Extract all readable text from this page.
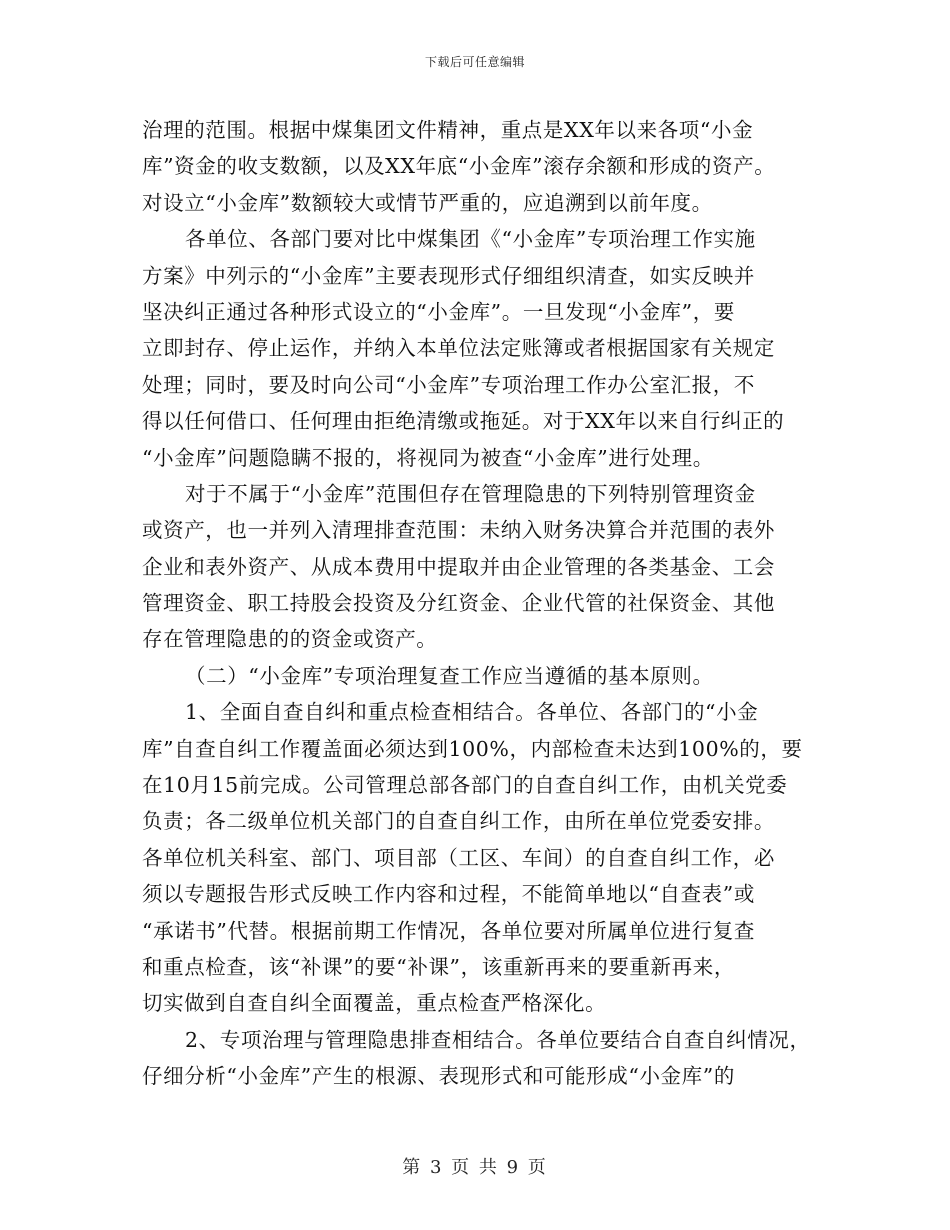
下载后可任意编辑
治理的范围。根据中煤集团文件精神，重点是XX年以来各项“小金
库”资金的收支数额，以及XX年底“小金库”滚存余额和形成的资产。
对设立“小金库”数额较大或情节严重的，应追溯到以前年度。
各单位、各部门要对比中煤集团《“小金库”专项治理工作实施
方案》中列示的“小金库”主要表现形式仔细组织清查，如实反映并
坚决纠正通过各种形式设立的“小金库”。一旦发现“小金库”，要
立即封存、停止运作，并纳入本单位法定账簿或者根据国家有关规定
处理；同时，要及时向公司“小金库”专项治理工作办公室汇报，不
得以任何借口、任何理由拒绝清缴或拖延。对于XX年以来自行纠正的
“小金库”问题隐瞒不报的，将视同为被查“小金库”进行处理。
对于不属于“小金库”范围但存在管理隐患的下列特别管理资金
或资产，也一并列入清理排查范围：未纳入财务决算合并范围的表外
企业和表外资产、从成本费用中提取并由企业管理的各类基金、工会
管理资金、职工持股会投资及分红资金、企业代管的社保资金、其他
存在管理隐患的的资金或资产。
（二）“小金库”专项治理复查工作应当遵循的基本原则。
1、全面自查自纠和重点检查相结合。各单位、各部门的“小金
库”自查自纠工作覆盖面必须达到100%，内部检查未达到100%的，要
在10月15前完成。公司管理总部各部门的自查自纠工作，由机关党委
负责；各二级单位机关部门的自查自纠工作，由所在单位党委安排。
各单位机关科室、部门、项目部（工区、车间）的自查自纠工作，必
须以专题报告形式反映工作内容和过程，不能简单地以“自查表”或
“承诺书”代替。根据前期工作情况，各单位要对所属单位进行复查
和重点检查，该“补课”的要“补课”，该重新再来的要重新再来，
切实做到自查自纠全面覆盖，重点检查严格深化。
2、专项治理与管理隐患排查相结合。各单位要结合自查自纠情况，
仔细分析“小金库”产生的根源、表现形式和可能形成“小金库”的
第 3 页 共 9 页
